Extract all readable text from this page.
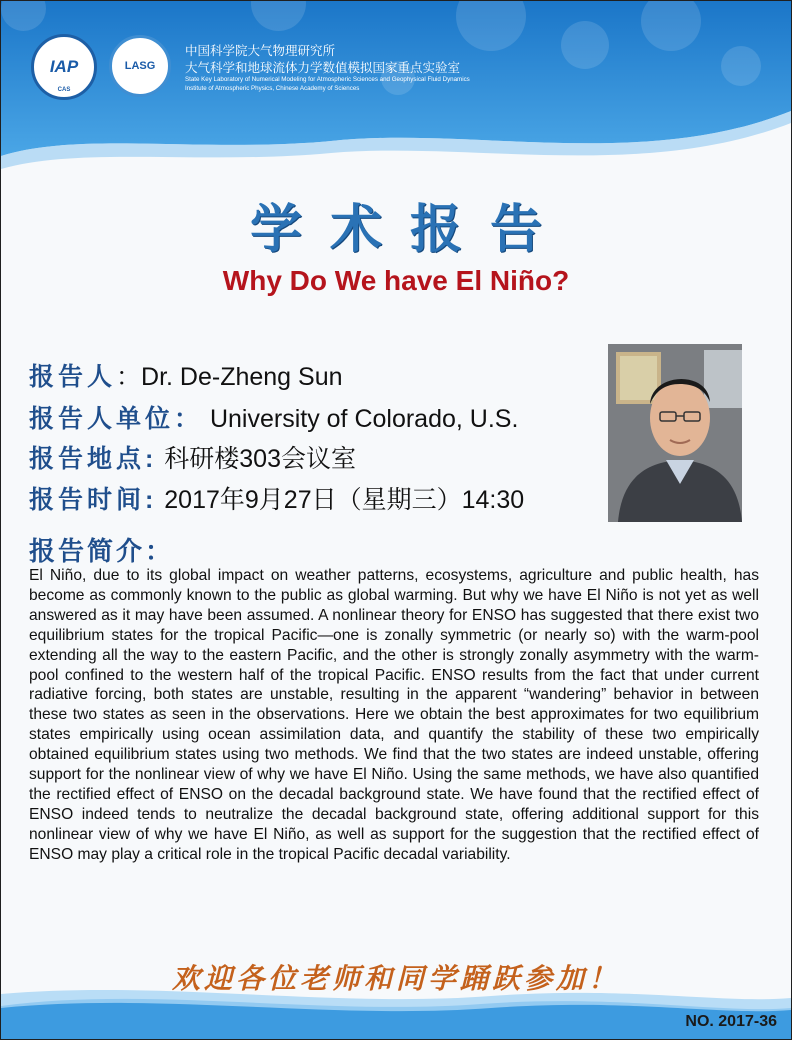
IAP
CAS
LASG
中国科学院大气物理研究所
大气科学和地球流体力学数值模拟国家重点实验室
State Key Laboratory of Numerical Modeling for Atmospheric Sciences and Geophysical Fluid Dynamics
Institute of Atmospheric Physics, Chinese Academy of Sciences
学术报告
Why Do We have El Niño?
报告人：Dr. De-Zheng Sun
报告人单位： University of Colorado, U.S.
报告地点: 科研楼303会议室
报告时间: 2017年9月27日（星期三）14:30
报告简介：
El Niño, due to its global impact on weather patterns, ecosystems, agriculture and public health, has become as commonly known to the public as global warming. But why we have El Niño is not yet as well answered as it may have been assumed. A nonlinear theory for ENSO has suggested that there exist two equilibrium states for the tropical Pacific—one is zonally symmetric (or nearly so) with the warm-pool extending all the way to the eastern Pacific, and the other is strongly zonally asymmetry with the warm-pool confined to the western half of the tropical Pacific. ENSO results from the fact that under current radiative forcing, both states are unstable, resulting in the apparent “wandering” behavior in between these two states as seen in the observations. Here we obtain the best approximates for two equilibrium states empirically using ocean assimilation data, and quantify the stability of these two empirically obtained equilibrium states using two methods. We find that the two states are indeed unstable, offering support for the nonlinear view of why we have El Niño. Using the same methods, we have also quantified the rectified effect of ENSO on the decadal background state. We have found that the rectified effect of ENSO indeed tends to neutralize the decadal background state, offering additional support for this nonlinear view of why we have El Niño, as well as support for the suggestion that the rectified effect of ENSO may play a critical role in the tropical Pacific decadal variability.
欢迎各位老师和同学踊跃参加！
NO. 2017-36
